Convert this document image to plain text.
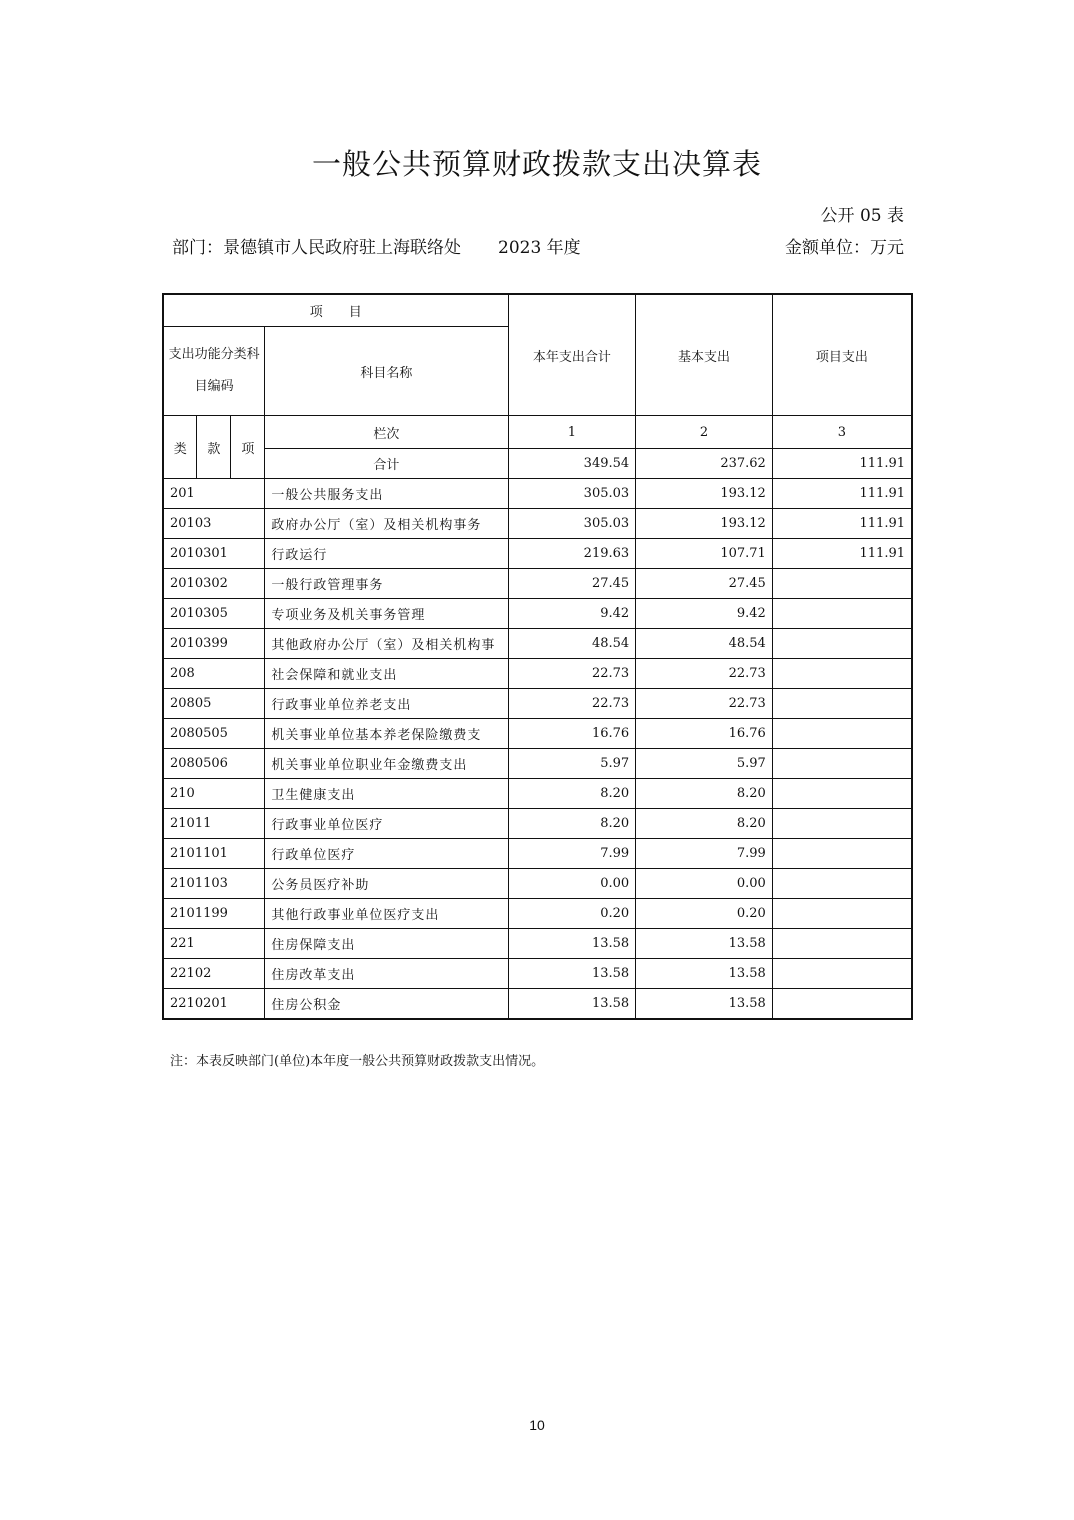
一般公共预算财政拨款支出决算表
公开 05 表
部门：景德镇市人民政府驻上海联络处 2023 年度	金额单位：万元
项　　目				本年支出合计	基本支出	项目支出
支出功能分类科目编码			科目名称			
类	款	项	栏次	1	2	3
			合计	349.54	237.62	111.91
201			一般公共服务支出	305.03	193.12	111.91
20103			政府办公厅（室）及相关机构事务	305.03	193.12	111.91
2010301			行政运行	219.63	107.71	111.91
2010302			一般行政管理事务	27.45	27.45	
2010305			专项业务及机关事务管理	9.42	9.42	
2010399			其他政府办公厅（室）及相关机构事	48.54	48.54	
208			社会保障和就业支出	22.73	22.73	
20805			行政事业单位养老支出	22.73	22.73	
2080505			机关事业单位基本养老保险缴费支	16.76	16.76	
2080506			机关事业单位职业年金缴费支出	5.97	5.97	
210			卫生健康支出	8.20	8.20	
21011			行政事业单位医疗	8.20	8.20	
2101101			行政单位医疗	7.99	7.99	
2101103			公务员医疗补助	0.00	0.00	
2101199			其他行政事业单位医疗支出	0.20	0.20	
221			住房保障支出	13.58	13.58	
22102			住房改革支出	13.58	13.58	
2210201			住房公积金	13.58	13.58	
注：本表反映部门(单位)本年度一般公共预算财政拨款支出情况。
10
